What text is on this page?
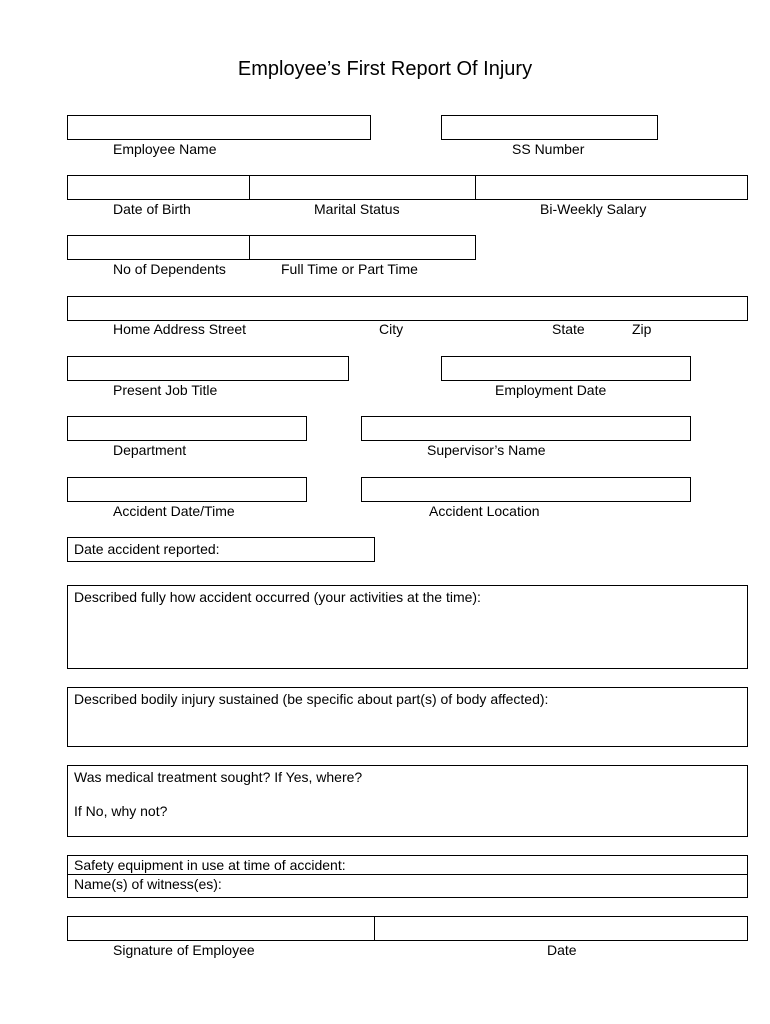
Employee’s First Report Of Injury
Employee Name	SS Number
Date of Birth	Marital Status	Bi-Weekly Salary
No of Dependents	Full Time or Part Time
Home Address Street	City	State	Zip
Present Job Title	Employment Date
Department	Supervisor’s Name
Accident Date/Time	Accident Location
Date accident reported:
Described fully how accident occurred (your activities at the time):
Described bodily injury sustained (be specific about part(s) of body affected):
Was medical treatment sought? If Yes, where?
If No, why not?
Safety equipment in use at time of accident:
Name(s) of witness(es):
Signature of Employee	Date
